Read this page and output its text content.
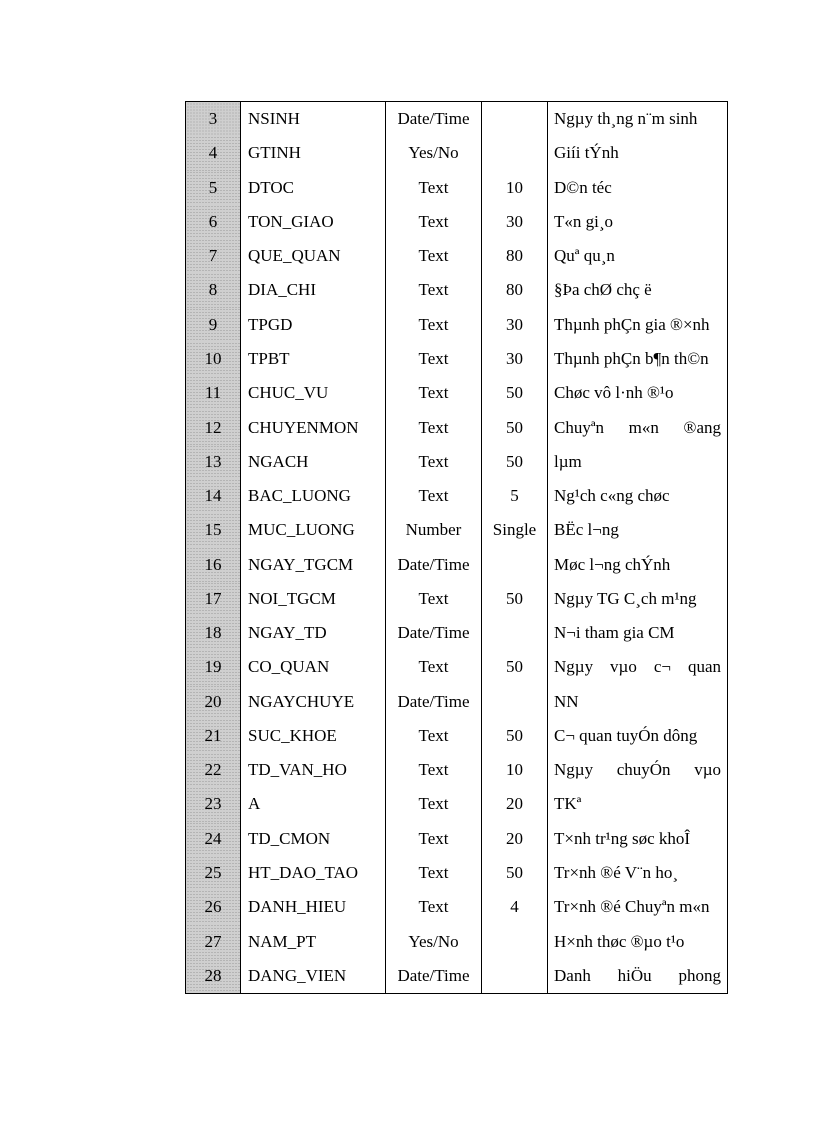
3	NSINH	Date/Time		Ngµy th¸ng n¨m sinh
4	GTINH	Yes/No		Giíi tÝnh
5	DTOC	Text	10	D©n téc
6	TON_GIAO	Text	30	T«n gi¸o
7	QUE_QUAN	Text	80	Quª qu¸n
8	DIA_CHI	Text	80	§Þa chØ chç ë
9	TPGD	Text	30	Thµnh phÇn gia ®×nh
10	TPBT	Text	30	Thµnh phÇn b¶n th©n
11	CHUC_VU	Text	50	Chøc vô l·nh ®¹o
12	CHUYENMON	Text	50	Chuyªn m«n ®ang
13	NGACH	Text	50	lµm
14	BAC_LUONG	Text	5	Ng¹ch c«ng chøc
15	MUC_LUONG	Number	Single	BËc l¬ng
16	NGAY_TGCM	Date/Time		Møc l¬ng chÝnh
17	NOI_TGCM	Text	50	Ngµy TG C¸ch m¹ng
18	NGAY_TD	Date/Time		N¬i tham gia CM
19	CO_QUAN	Text	50	Ngµy vµo c¬ quan
20	NGAYCHUYE	Date/Time		NN
21	SUC_KHOE	Text	50	C¬ quan tuyÓn dông
22	TD_VAN_HO	Text	10	Ngµy chuyÓn vµo
23	A	Text	20	TKª
24	TD_CMON	Text	20	T×nh tr¹ng søc khoÎ
25	HT_DAO_TAO	Text	50	Tr×nh ®é V¨n ho¸
26	DANH_HIEU	Text	4	Tr×nh ®é Chuyªn m«n
27	NAM_PT	Yes/No		H×nh thøc ®µo t¹o
28	DANG_VIEN	Date/Time		Danh hiÖu phong
